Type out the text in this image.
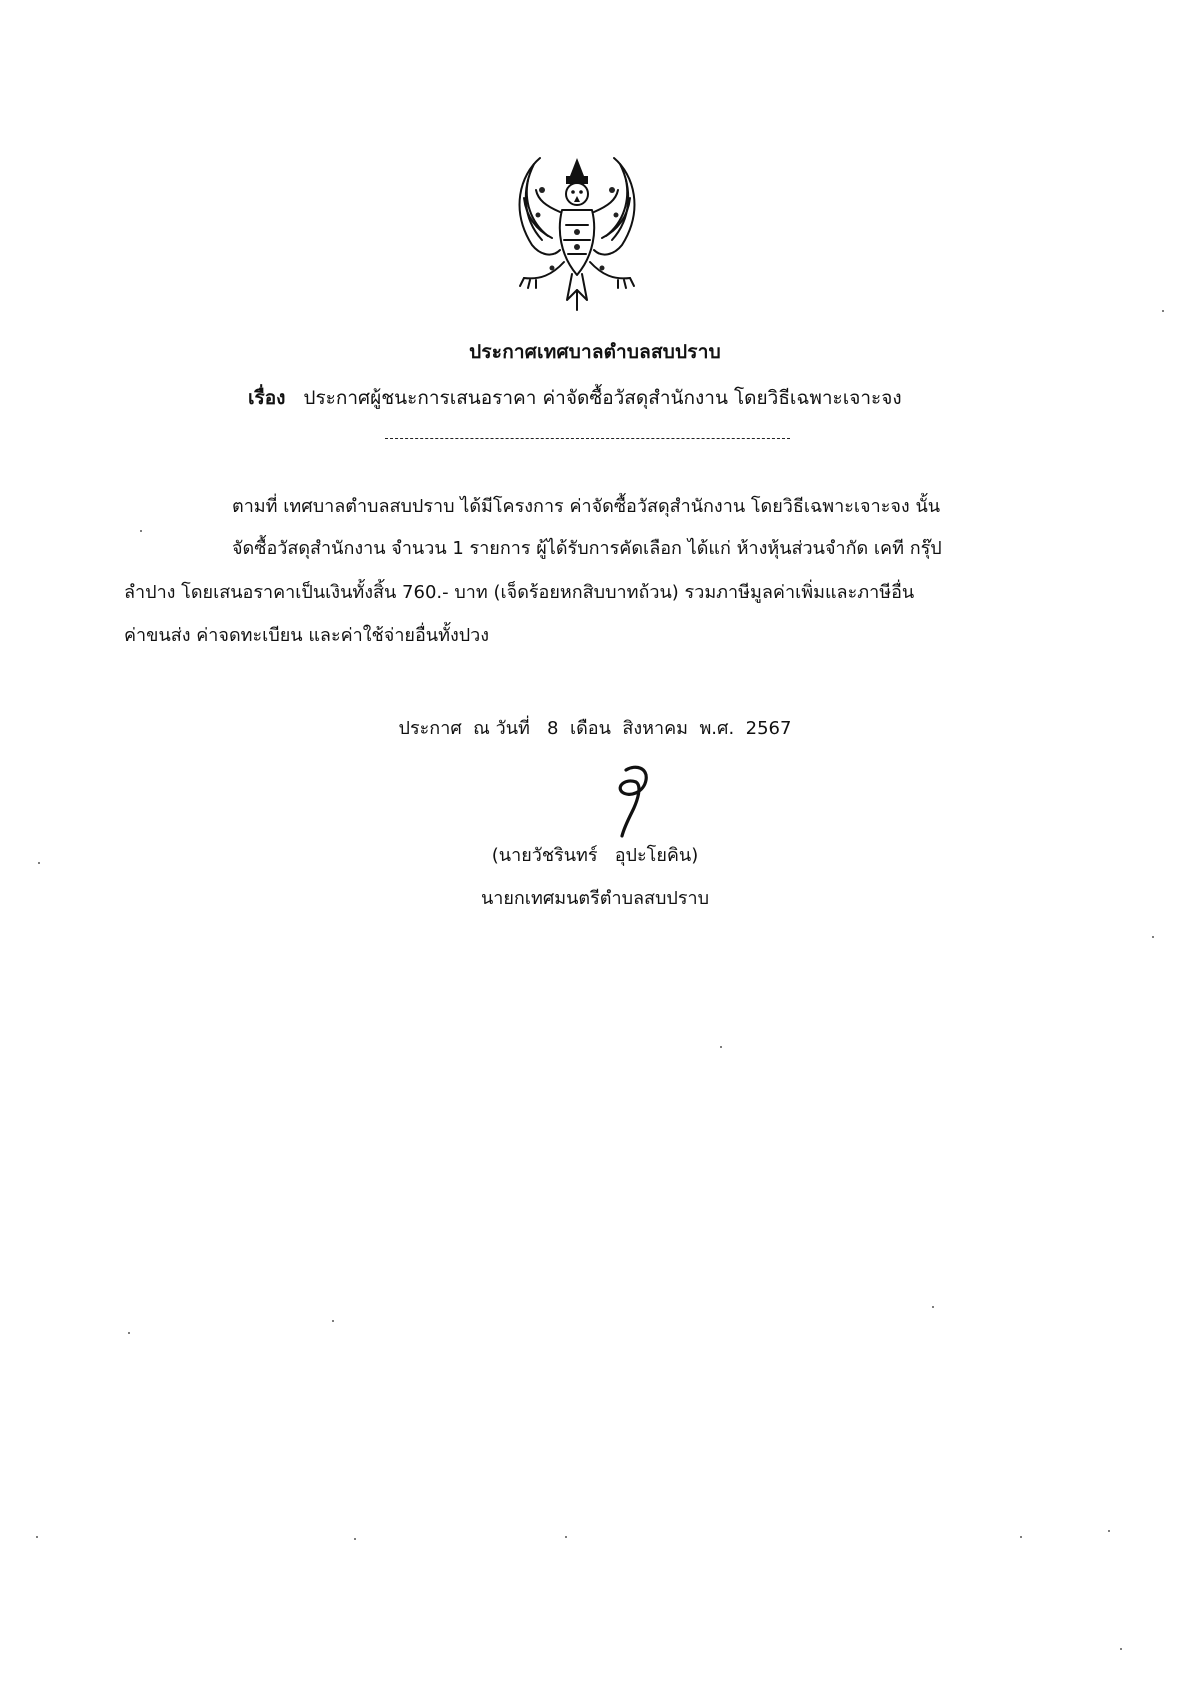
ประกาศเทศบาลตำบลสบปราบ
เรื่อง ประกาศผู้ชนะการเสนอราคา ค่าจัดซื้อวัสดุสำนักงาน โดยวิธีเฉพาะเจาะจง
ตามที่ เทศบาลตำบลสบปราบ ได้มีโครงการ ค่าจัดซื้อวัสดุสำนักงาน โดยวิธีเฉพาะเจาะจง นั้น
จัดซื้อวัสดุสำนักงาน จำนวน 1 รายการ ผู้ได้รับการคัดเลือก ได้แก่ ห้างหุ้นส่วนจำกัด เคที กรุ๊ป
ลำปาง โดยเสนอราคาเป็นเงินทั้งสิ้น 760.- บาท (เจ็ดร้อยหกสิบบาทถ้วน) รวมภาษีมูลค่าเพิ่มและภาษีอื่น
ค่าขนส่ง ค่าจดทะเบียน และค่าใช้จ่ายอื่นทั้งปวง
ประกาศ  ณ วันที่   8  เดือน  สิงหาคม  พ.ศ.  2567
(นายวัชรินทร์   อุปะโยคิน)
นายกเทศมนตรีตำบลสบปราบ
